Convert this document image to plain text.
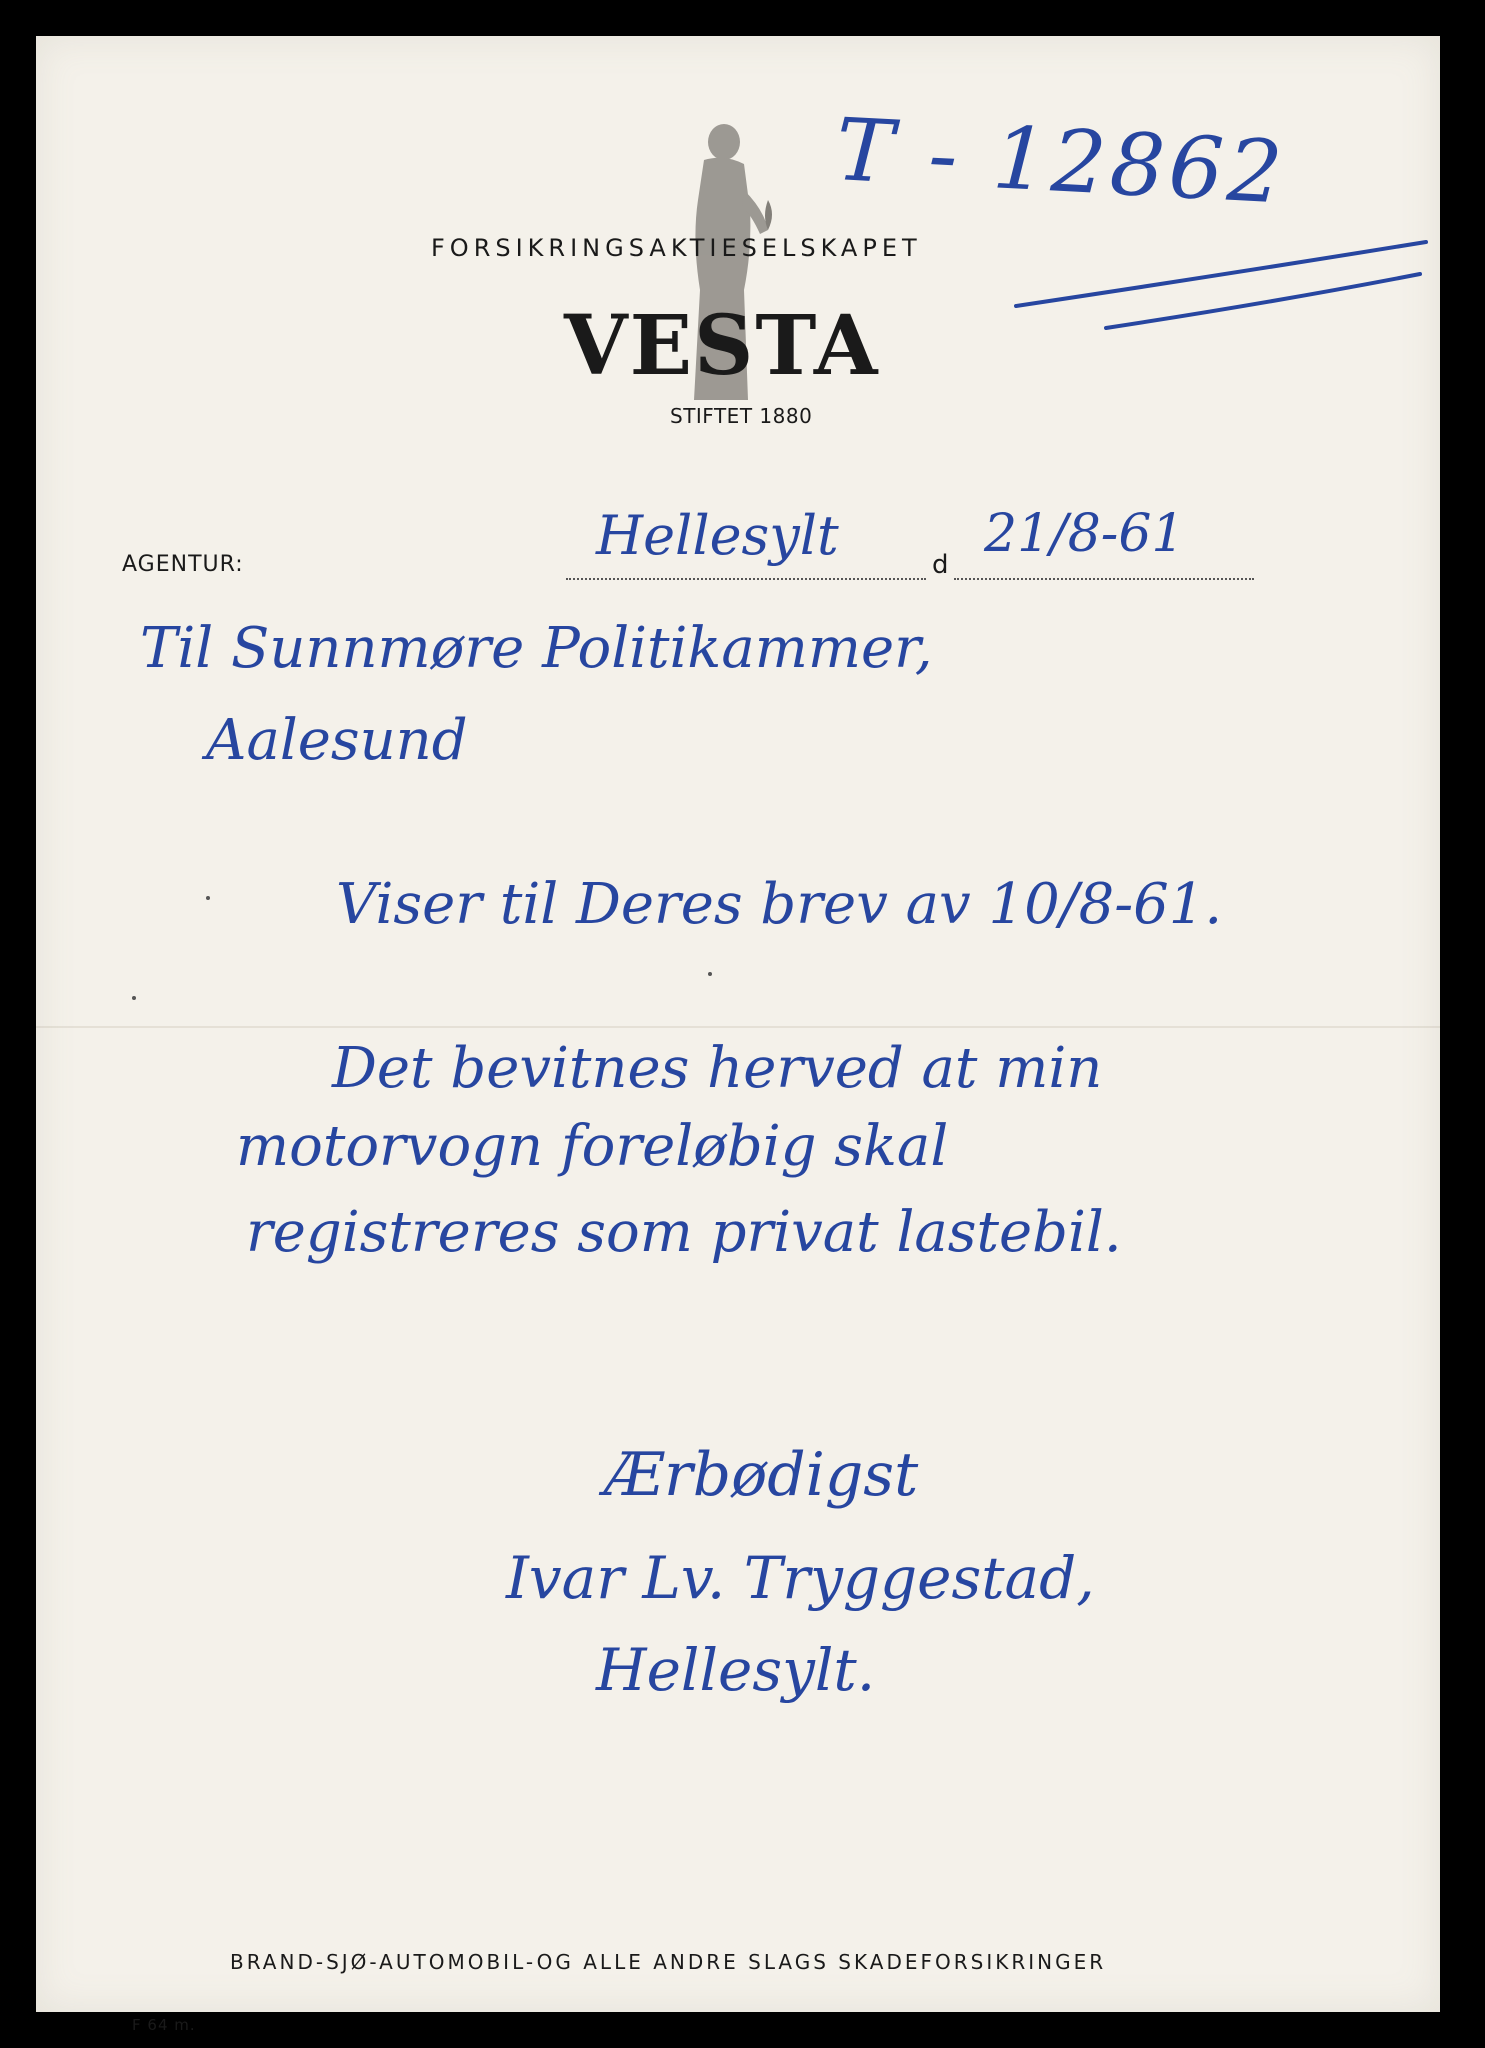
FORSIKRINGSAKTIESELSKAPET
VESTA
STIFTET 1880
AGENTUR:	d
T - 12862
Hellesylt	21/8-61
Til Sunnmøre Politikammer,
Aalesund
Viser til Deres brev av 10/8-61.
Det bevitnes herved at min
motorvogn foreløbig skal
registreres som privat lastebil.
Ærbødigst
Ivar Lv. Tryggestad,
Hellesylt.
BRAND-SJØ-AUTOMOBIL-OG ALLE ANDRE SLAGS SKADEFORSIKRINGER
F 64 m.
